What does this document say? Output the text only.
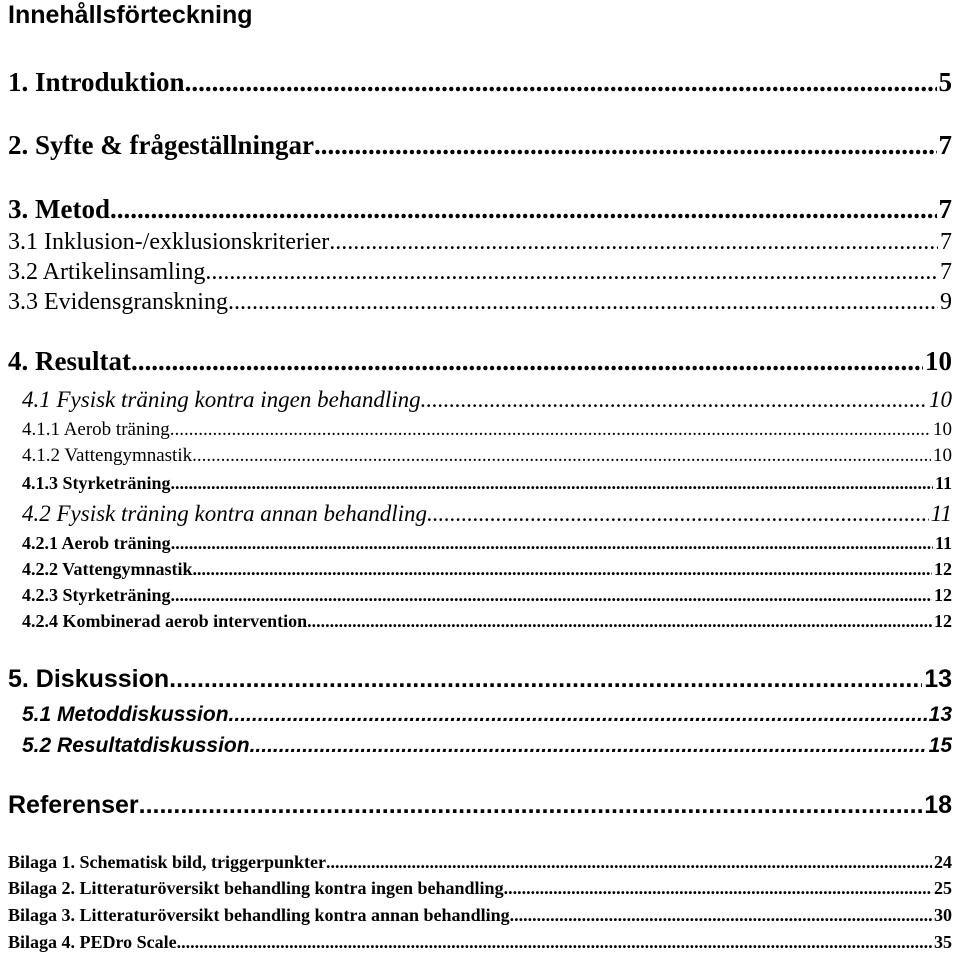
Innehållsförteckning
1. Introduktion .....	5
2. Syfte & frågeställningar .....	7
3. Metod .....	7
3.1 Inklusion-/exklusionskriterier .....	7
3.2 Artikelinsamling .....	7
3.3 Evidensgranskning .....	9
4. Resultat .....	10
4.1 Fysisk träning kontra ingen behandling .....	10
4.1.1 Aerob träning .....	10
4.1.2 Vattengymnastik .....	10
4.1.3 Styrketräning .....	11
4.2 Fysisk träning kontra annan behandling. .....	11
4.2.1 Aerob träning .....	11
4.2.2 Vattengymnastik .....	12
4.2.3 Styrketräning .....	12
4.2.4 Kombinerad aerob intervention .....	12
5. Diskussion .....	13
5.1 Metoddiskussion .....	13
5.2 Resultatdiskussion .....	15
Referenser .....	18
Bilaga 1. Schematisk bild, triggerpunkter .....	24
Bilaga 2. Litteraturöversikt behandling kontra ingen behandling. .....	25
Bilaga 3. Litteraturöversikt behandling kontra annan behandling .....	30
Bilaga 4. PEDro Scale .....	35
